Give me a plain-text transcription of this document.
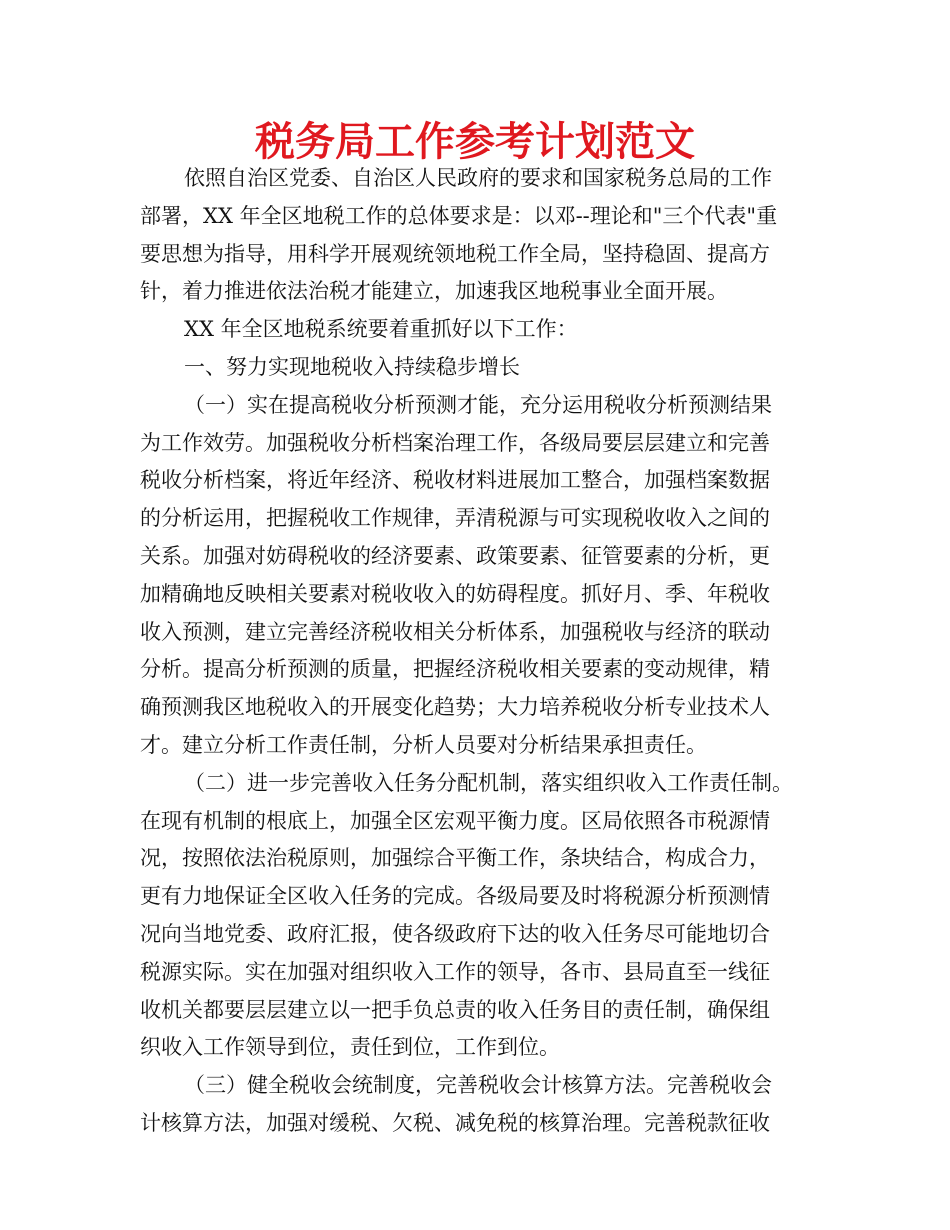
税务局工作参考计划范文
依照自治区党委、自治区人民政府的要求和国家税务总局的工作
部署，XX 年全区地税工作的总体要求是：以邓--理论和"三个代表"重
要思想为指导，用科学开展观统领地税工作全局，坚持稳固、提高方
针，着力推进依法治税才能建立，加速我区地税事业全面开展。
XX 年全区地税系统要着重抓好以下工作：
一、努力实现地税收入持续稳步增长
（一）实在提高税收分析预测才能，充分运用税收分析预测结果
为工作效劳。加强税收分析档案治理工作，各级局要层层建立和完善
税收分析档案，将近年经济、税收材料进展加工整合，加强档案数据
的分析运用，把握税收工作规律，弄清税源与可实现税收收入之间的
关系。加强对妨碍税收的经济要素、政策要素、征管要素的分析，更
加精确地反映相关要素对税收收入的妨碍程度。抓好月、季、年税收
收入预测，建立完善经济税收相关分析体系，加强税收与经济的联动
分析。提高分析预测的质量，把握经济税收相关要素的变动规律，精
确预测我区地税收入的开展变化趋势；大力培养税收分析专业技术人
才。建立分析工作责任制，分析人员要对分析结果承担责任。
（二）进一步完善收入任务分配机制，落实组织收入工作责任制。
在现有机制的根底上，加强全区宏观平衡力度。区局依照各市税源情
况，按照依法治税原则，加强综合平衡工作，条块结合，构成合力，
更有力地保证全区收入任务的完成。各级局要及时将税源分析预测情
况向当地党委、政府汇报，使各级政府下达的收入任务尽可能地切合
税源实际。实在加强对组织收入工作的领导，各市、县局直至一线征
收机关都要层层建立以一把手负总责的收入任务目的责任制，确保组
织收入工作领导到位，责任到位，工作到位。
（三）健全税收会统制度，完善税收会计核算方法。完善税收会
计核算方法，加强对缓税、欠税、减免税的核算治理。完善税款征收
